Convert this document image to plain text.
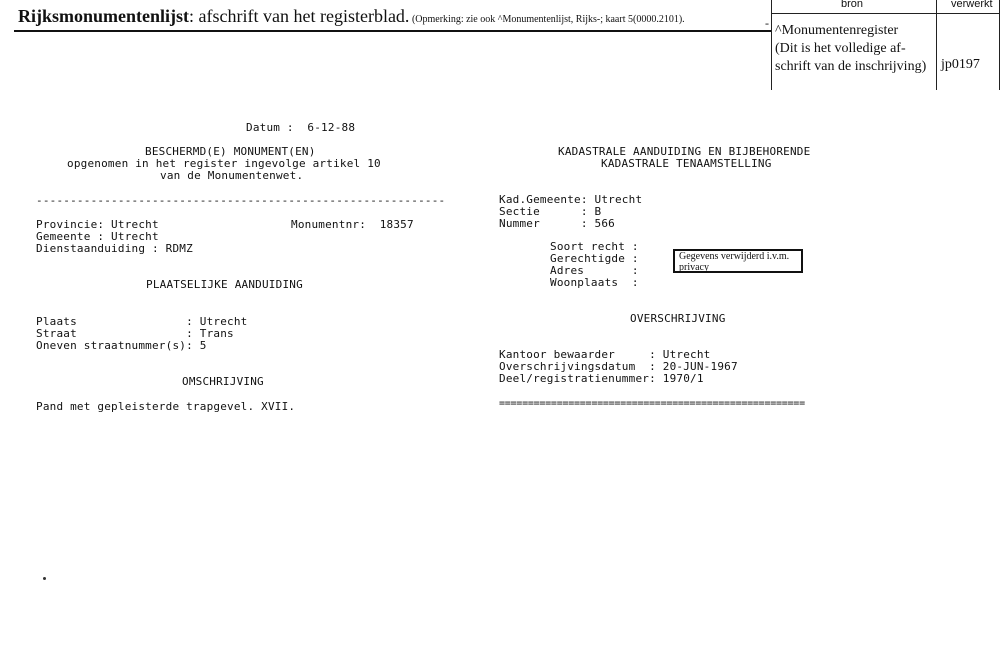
Rijksmonumentenlijst: afschrift van het registerblad. (Opmerking: zie ook ^Monumentenlijst, Rijks-; kaart 5(0000.2101).

bron

	verwerkt

-

^Monumentenregister
(Dit is het volledige af-
schrift van de inschrijving)

jp0197

Datum :  6-12-88
BESCHERMD(E) MONUMENT(EN)
opgenomen in het register ingevolge artikel 10
van de Monumentenwet.
------------------------------------------------------------
Provincie: Utrecht	Monumentnr:  18357
Gemeente : Utrecht
Dienstaanduiding : RDMZ
PLAATSELIJKE AANDUIDING
Plaats                : Utrecht
Straat                : Trans
Oneven straatnummer(s): 5
OMSCHRIJVING
Pand met gepleisterde trapgevel. XVII.
KADASTRALE AANDUIDING EN BIJBEHORENDE
KADASTRALE TENAAMSTELLING
Kad.Gemeente: Utrecht
Sectie      : B
Nummer      : 566
Soort recht :
Gerechtigde :
Adres       :
Woonplaats  :
Gegevens verwijderd i.v.m. privacy
OVERSCHRIJVING
Kantoor bewaarder     : Utrecht
Overschrijvingsdatum  : 20-JUN-1967
Deel/registratienummer: 1970/1
=====================================================
